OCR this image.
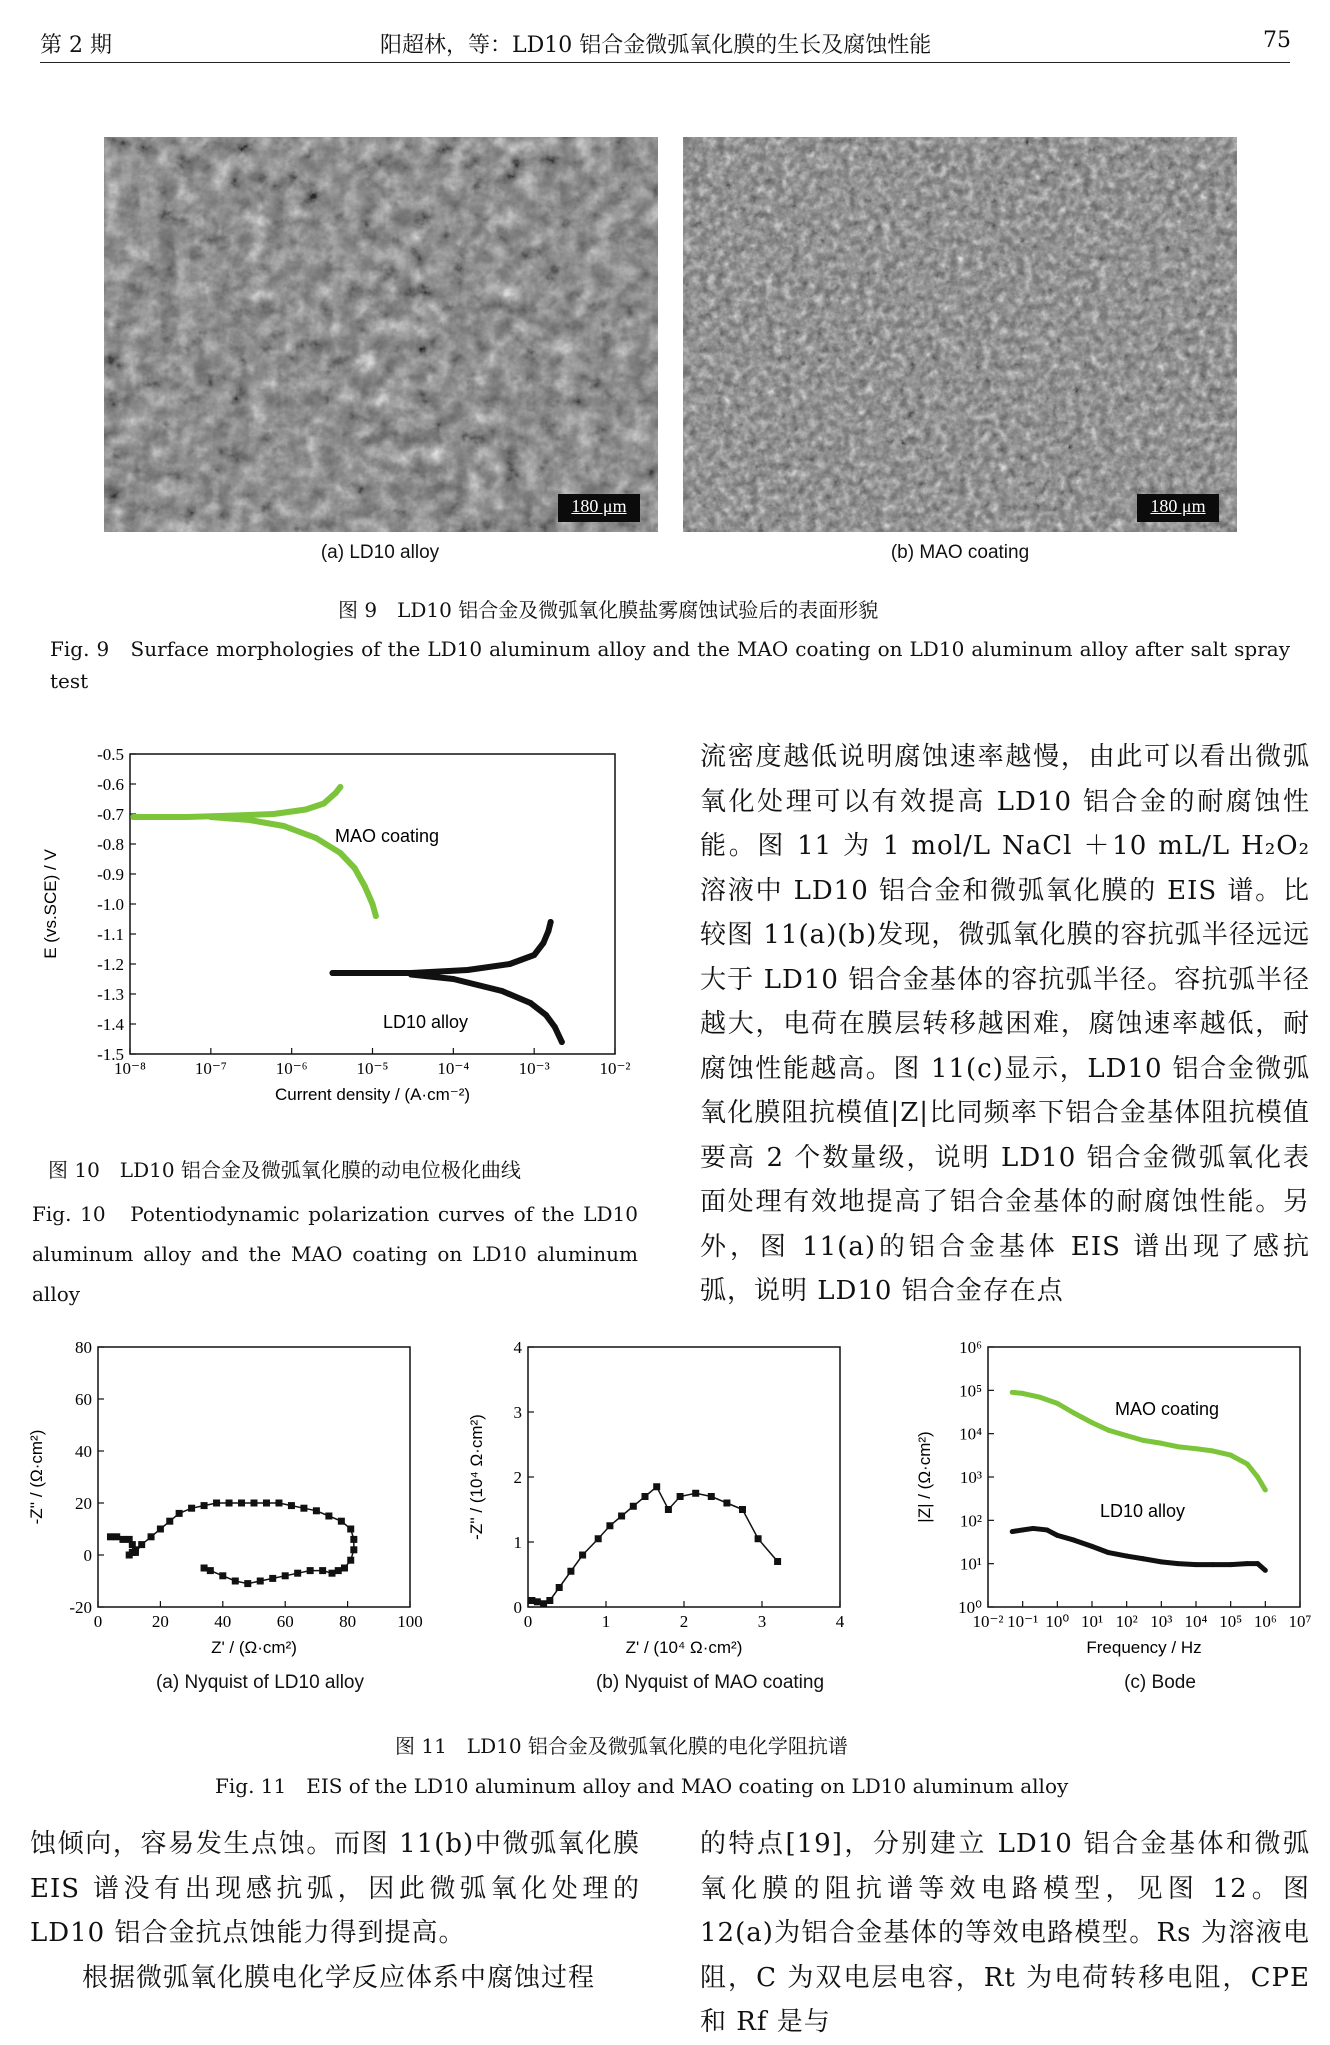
第 2 期	阳超林，等：LD10 铝合金微弧氧化膜的生长及腐蚀性能	75
180 μm	180 μm
(a) LD10 alloy	(b) MAO coating
图 9　LD10 铝合金及微弧氧化膜盐雾腐蚀试验后的表面形貌
Fig. 9　Surface morphologies of the LD10 aluminum alloy and the MAO coating on LD10 aluminum alloy after salt spray test
10⁻⁸	10⁻⁷	10⁻⁶	10⁻⁵	10⁻⁴	10⁻³	10⁻²
-0.5
-0.6
-0.7
-0.8
-0.9
-1.0
-1.1
-1.2
-1.3
-1.4
-1.5
Current density / (A·cm⁻²)
E (vs.SCE) / V
MAO coating
LD10 alloy
图 10　LD10 铝合金及微弧氧化膜的动电位极化曲线
Fig. 10　Potentiodynamic polarization curves of the LD10 aluminum alloy and the MAO coating on LD10 aluminum alloy

流密度越低说明腐蚀速率越慢，由此可以看出微弧氧化处理可以有效提高 LD10 铝合金的耐腐蚀性能。图 11 为 1 mol/L NaCl ＋10 mL/L H₂O₂ 溶液中 LD10 铝合金和微弧氧化膜的 EIS 谱。比较图 11(a)(b)发现，微弧氧化膜的容抗弧半径远远大于 LD10 铝合金基体的容抗弧半径。容抗弧半径越大，电荷在膜层转移越困难，腐蚀速率越低，耐腐蚀性能越高。图 11(c)显示，LD10 铝合金微弧氧化膜阻抗模值|Z|比同频率下铝合金基体阻抗模值要高 2 个数量级，说明 LD10 铝合金微弧氧化表面处理有效地提高了铝合金基体的耐腐蚀性能。另外，图 11(a)的铝合金基体 EIS 谱出现了感抗弧，说明 LD10 铝合金存在点

0	20	40	60	80 100
-20
0
20
40
60
80
Z' / (Ω·cm²)
-Z'' / (Ω·cm²)
0	1	2	3	4
0
1
2
3
4
Z' / (10⁴ Ω·cm²)
-Z'' / (10⁴ Ω·cm²)
10⁻² 10⁻¹ 10⁰ 10¹ 10² 10³ 10⁴ 10⁵ 10⁶ 10⁷
10⁰
10¹
10²
10³
10⁴
10⁵
10⁶
Frequency / Hz
|Z| / (Ω·cm²)
MAO coating
LD10 alloy
(a) Nyquist of LD10 alloy	(b) Nyquist of MAO coating	(c) Bode
图 11　LD10 铝合金及微弧氧化膜的电化学阻抗谱
Fig. 11　EIS of the LD10 aluminum alloy and MAO coating on LD10 aluminum alloy

蚀倾向，容易发生点蚀。而图 11(b)中微弧氧化膜 EIS 谱没有出现感抗弧，因此微弧氧化处理的 LD10 铝合金抗点蚀能力得到提高。

根据微弧氧化膜电化学反应体系中腐蚀过程

的特点[19]，分别建立 LD10 铝合金基体和微弧氧化膜的阻抗谱等效电路模型，见图 12。图 12(a)为铝合金基体的等效电路模型。Rs 为溶液电阻，C 为双电层电容，Rt 为电荷转移电阻，CPE 和 Rf 是与
